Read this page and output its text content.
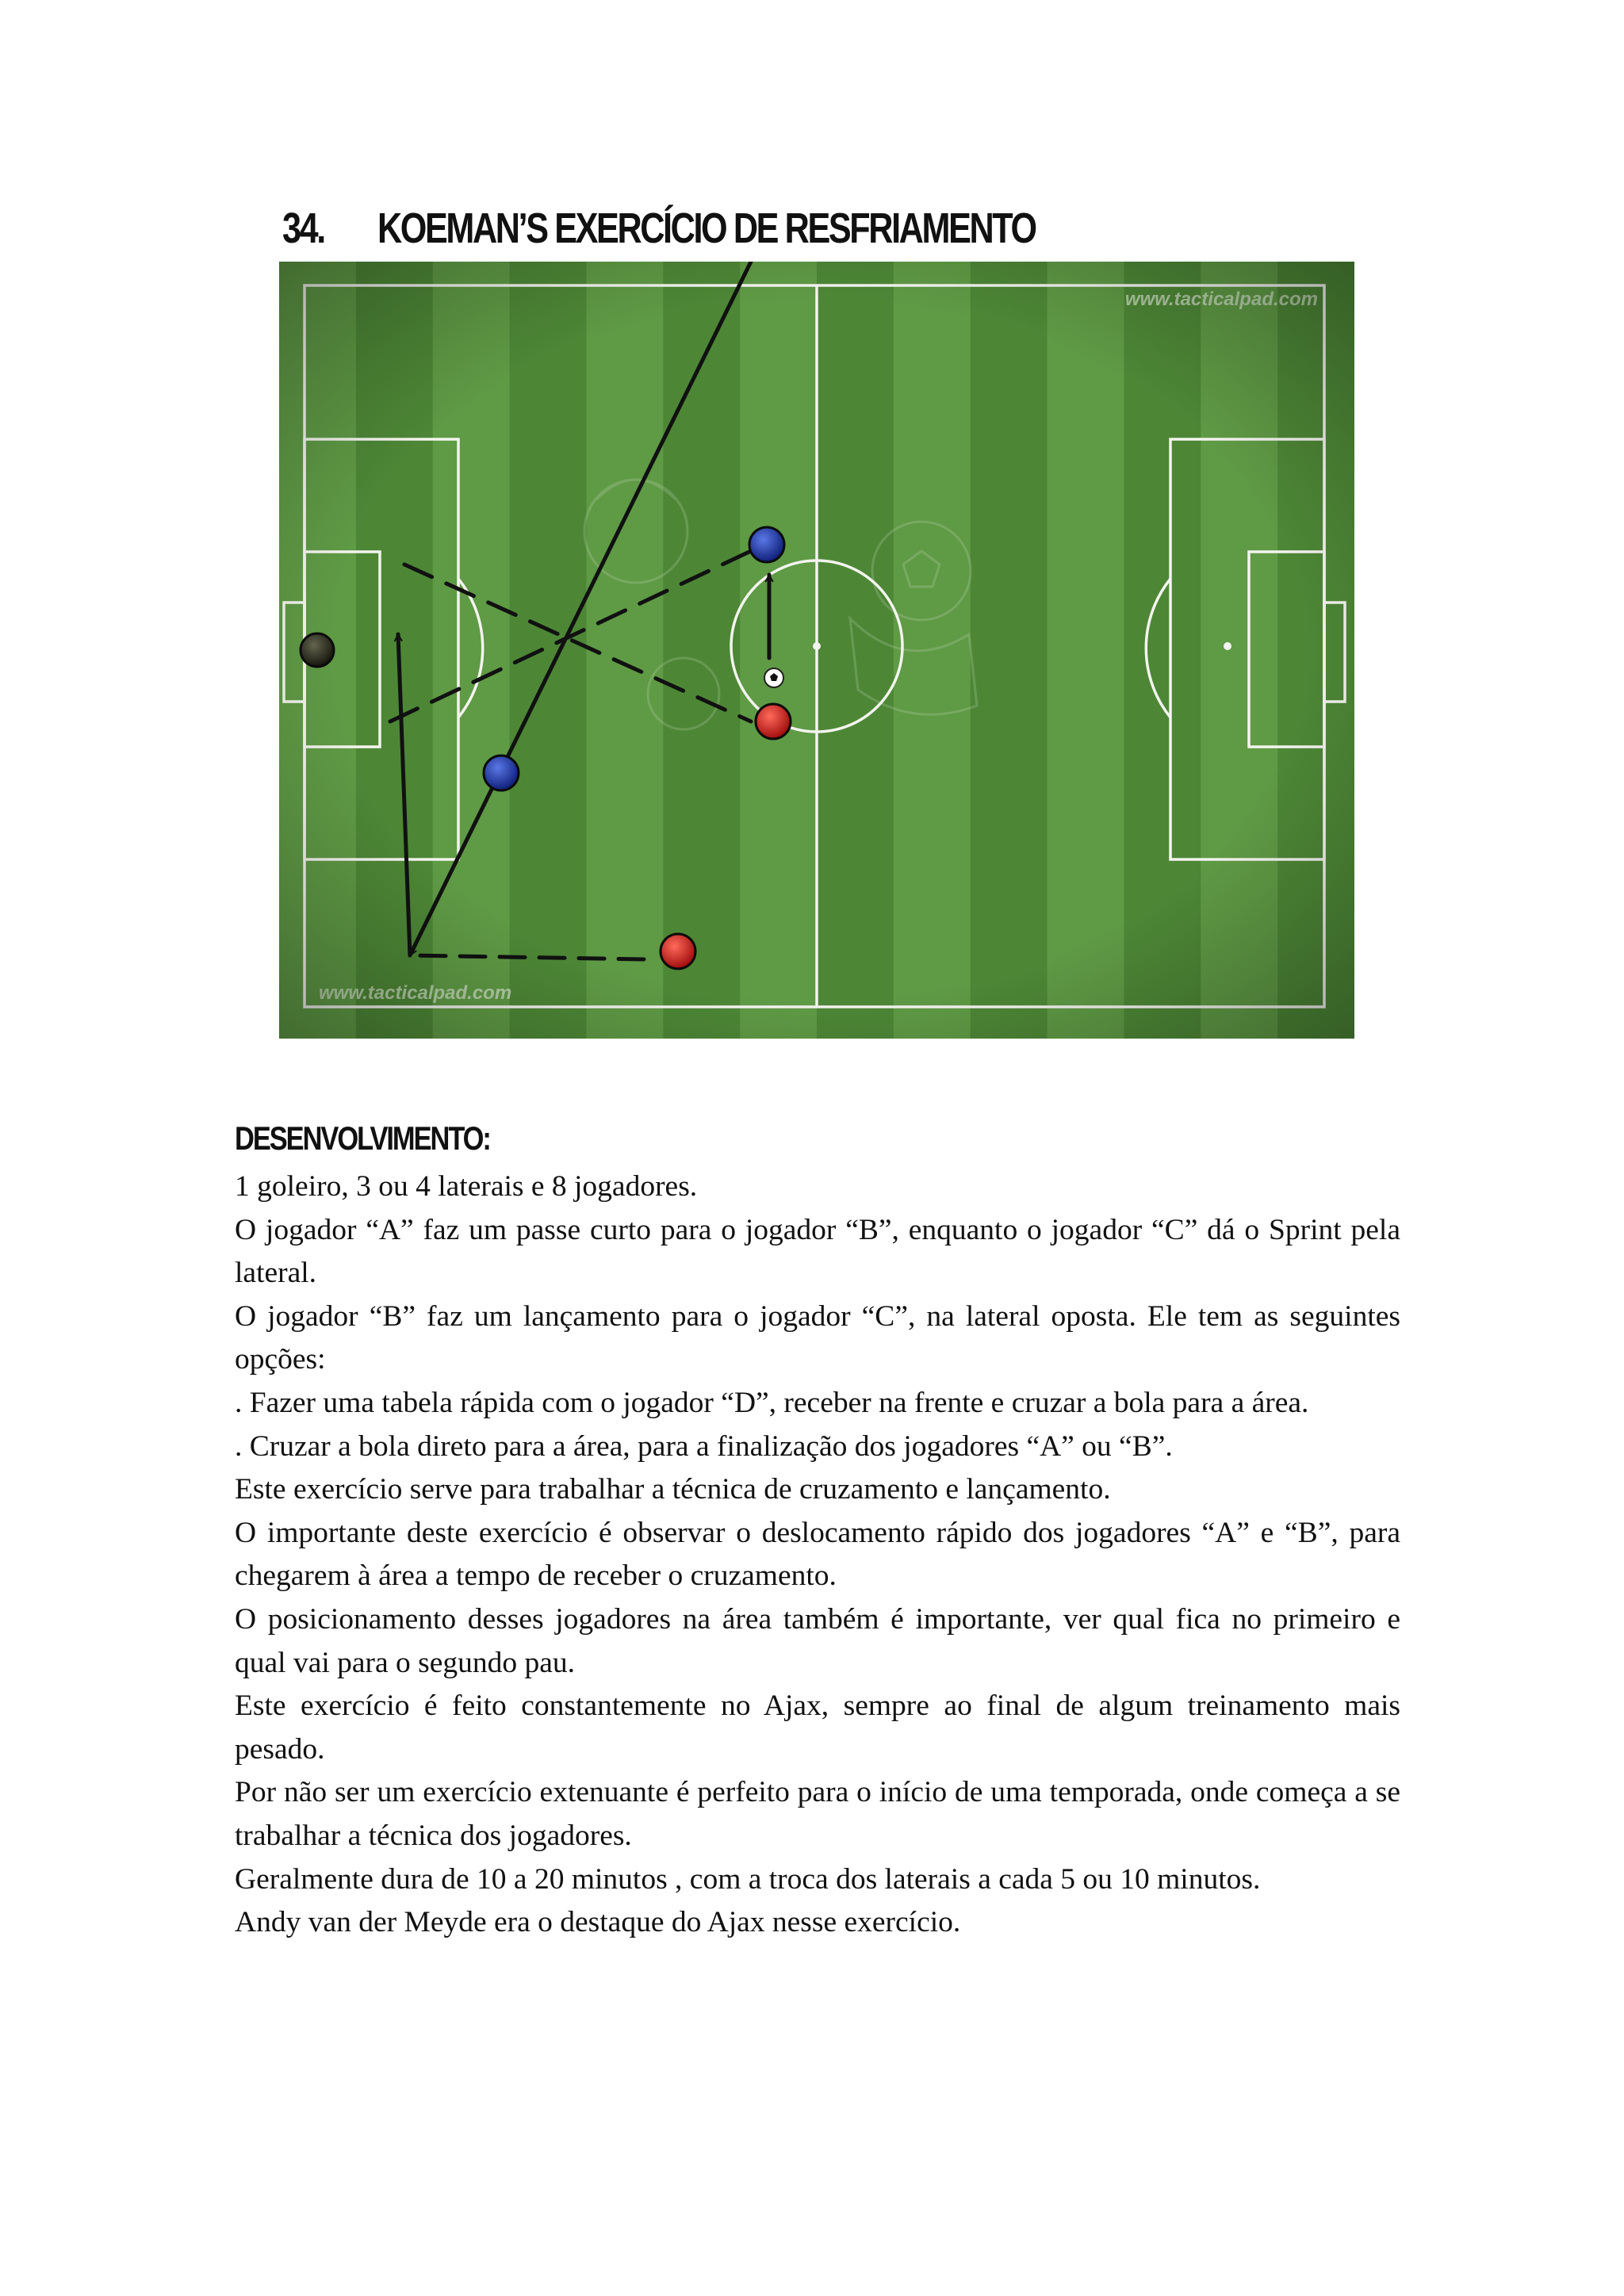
34.	KOEMAN’S EXERCÍCIO DE RESFRIAMENTO
DESENVOLVIMENTO:

1 goleiro, 3 ou 4 laterais e 8 jogadores.

O jogador “A” faz um passe curto para o jogador “B”, enquanto o jogador “C” dá o Sprint pela lateral.

O jogador “B” faz um lançamento para o jogador “C”, na lateral oposta. Ele tem as seguintes opções:

. Fazer uma tabela rápida com o jogador “D”, receber na frente e cruzar a bola para a área.

. Cruzar a bola direto para a área, para a finalização dos jogadores “A” ou “B”.

Este exercício serve para trabalhar a técnica de cruzamento e lançamento.

O importante deste exercício é observar o deslocamento rápido dos jogadores “A” e “B”, para chegarem à área a tempo de receber o cruzamento.

O posicionamento desses jogadores na área também é importante, ver qual fica no primeiro e qual vai para o segundo pau.

Este exercício é feito constantemente no Ajax, sempre ao final de algum treinamento mais pesado.

Por não ser um exercício extenuante é perfeito para o início de uma temporada, onde começa a se trabalhar a técnica dos jogadores.

Geralmente dura de 10 a 20 minutos , com a troca dos laterais a cada 5 ou 10 minutos.

Andy van der Meyde era o destaque do Ajax nesse exercício.
